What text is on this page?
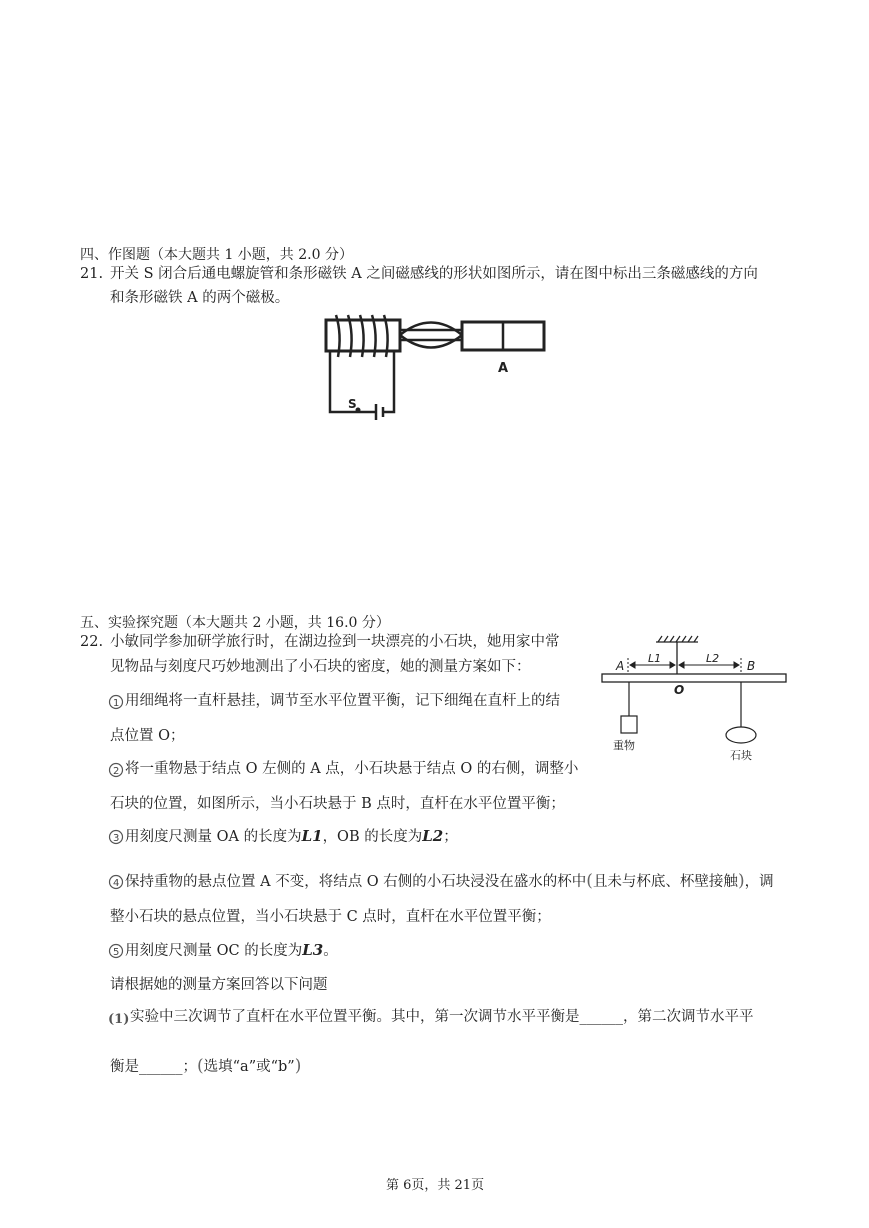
四、作图题（本大题共 1 小题，共 2.0 分）
21. 开关 S 闭合后通电螺旋管和条形磁铁 A 之间磁感线的形状如图所示，请在图中标出三条磁感线的方向
和条形磁铁 A 的两个磁极。
A
S
五、实验探究题（本大题共 2 小题，共 16.0 分）
22. 小敏同学参加研学旅行时，在湖边捡到一块漂亮的小石块，她用家中常
见物品与刻度尺巧妙地测出了小石块的密度，她的测量方案如下：
1 用细绳将一直杆悬挂，调节至水平位置平衡，记下细绳在直杆上的结
点位置 O；
2 将一重物悬于结点 O 左侧的 A 点，小石块悬于结点 O 的右侧，调整小
石块的位置，如图所示，当小石块悬于 B 点时，直杆在水平位置平衡；
3 用刻度尺测量 OA 的长度为L1，OB 的长度为L2；
4 保持重物的悬点位置 A 不变，将结点 O 右侧的小石块浸没在盛水的杯中(且未与杯底、杯壁接触)，调
整小石块的悬点位置，当小石块悬于 C 点时，直杆在水平位置平衡；
5 用刻度尺测量 OC 的长度为L3。
请根据她的测量方案回答以下问题
(1) 实验中三次调节了直杆在水平位置平衡。其中，第一次调节水平平衡是______，第二次调节水平平
衡是______；(选填“a”或“b”)
A	B
O
L1	L2
重物
石块
第 6页，共 21页
